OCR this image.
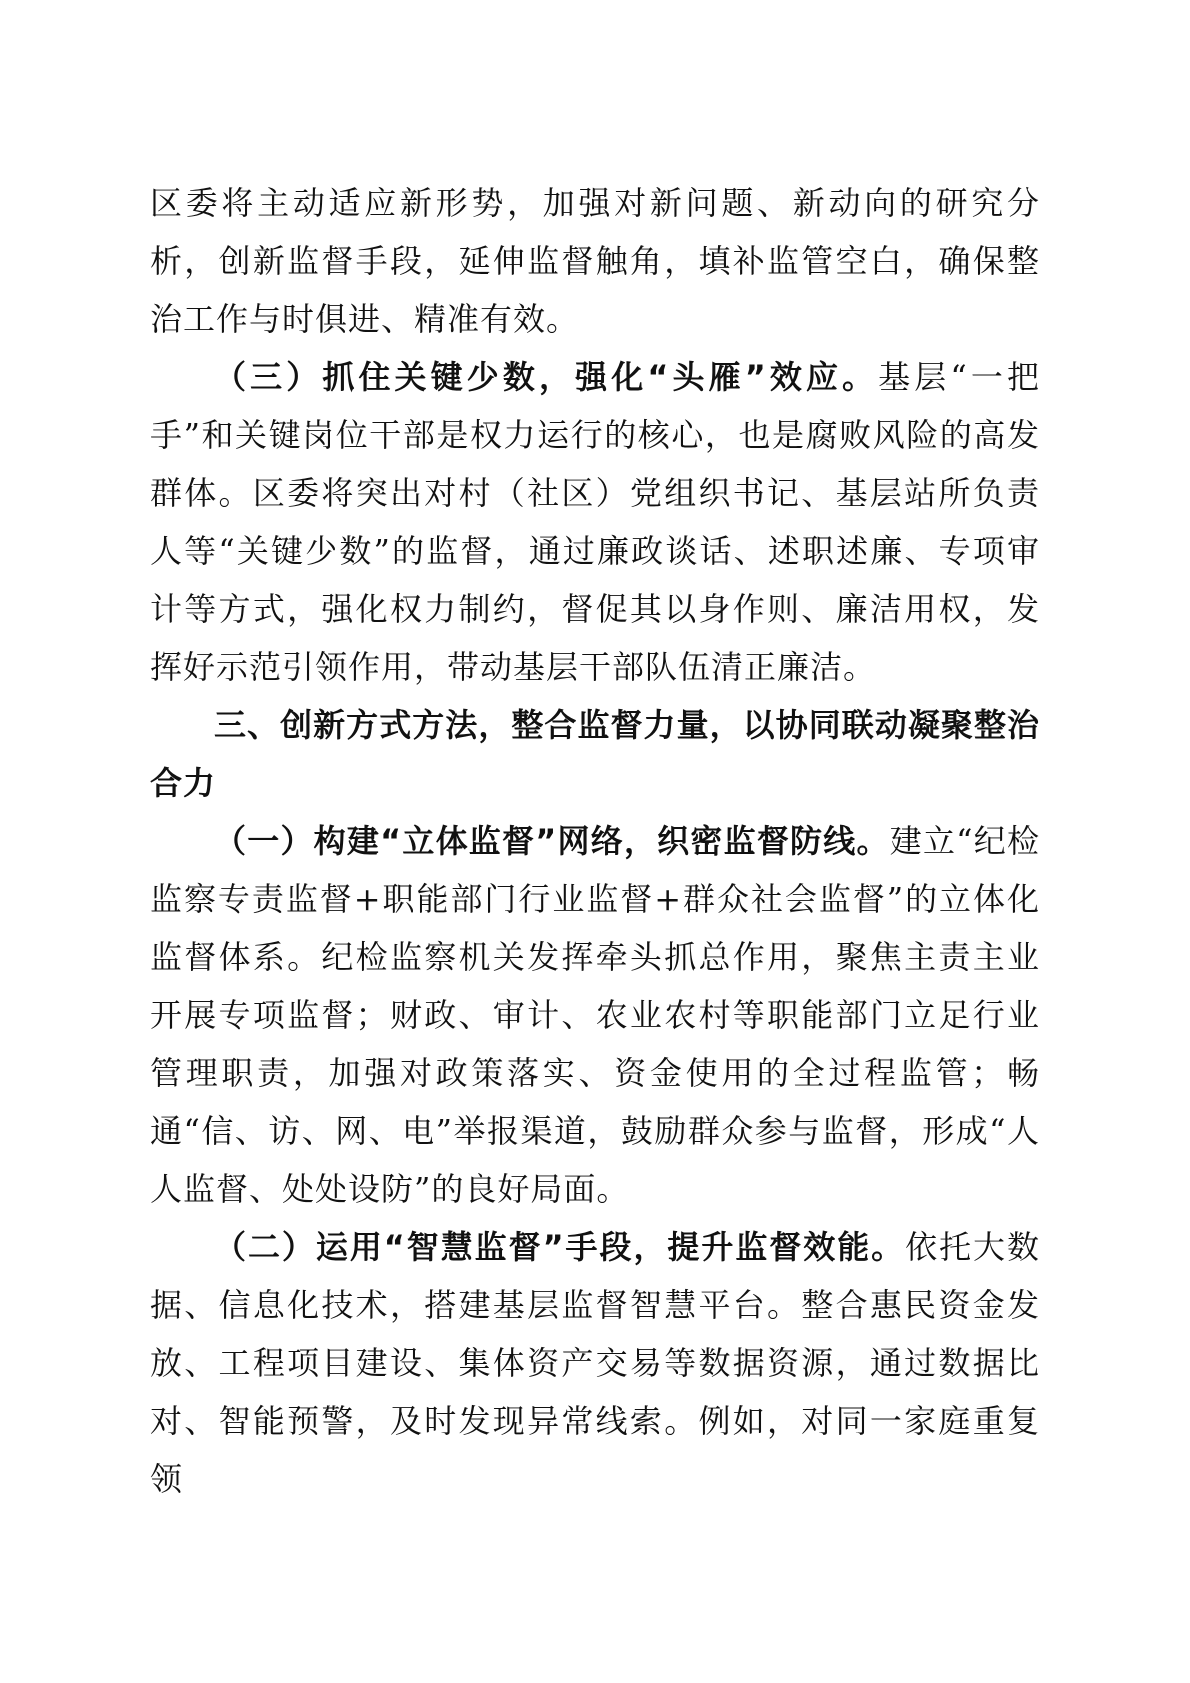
区委将主动适应新形势，加强对新问题、新动向的研究分析，创新监督手段，延伸监督触角，填补监管空白，确保整治工作与时俱进、精准有效。

（三）抓住关键少数，强化“头雁”效应。基层“一把手”和关键岗位干部是权力运行的核心，也是腐败风险的高发群体。区委将突出对村（社区）党组织书记、基层站所负责人等“关键少数”的监督，通过廉政谈话、述职述廉、专项审计等方式，强化权力制约，督促其以身作则、廉洁用权，发挥好示范引领作用，带动基层干部队伍清正廉洁。

三、创新方式方法，整合监督力量，以协同联动凝聚整治合力

（一）构建“立体监督”网络，织密监督防线。建立“纪检监察专责监督+职能部门行业监督+群众社会监督”的立体化监督体系。纪检监察机关发挥牵头抓总作用，聚焦主责主业开展专项监督；财政、审计、农业农村等职能部门立足行业管理职责，加强对政策落实、资金使用的全过程监管；畅通“信、访、网、电”举报渠道，鼓励群众参与监督，形成“人人监督、处处设防”的良好局面。

（二）运用“智慧监督”手段，提升监督效能。依托大数据、信息化技术，搭建基层监督智慧平台。整合惠民资金发放、工程项目建设、集体资产交易等数据资源，通过数据比对、智能预警，及时发现异常线索。例如，对同一家庭重复领
